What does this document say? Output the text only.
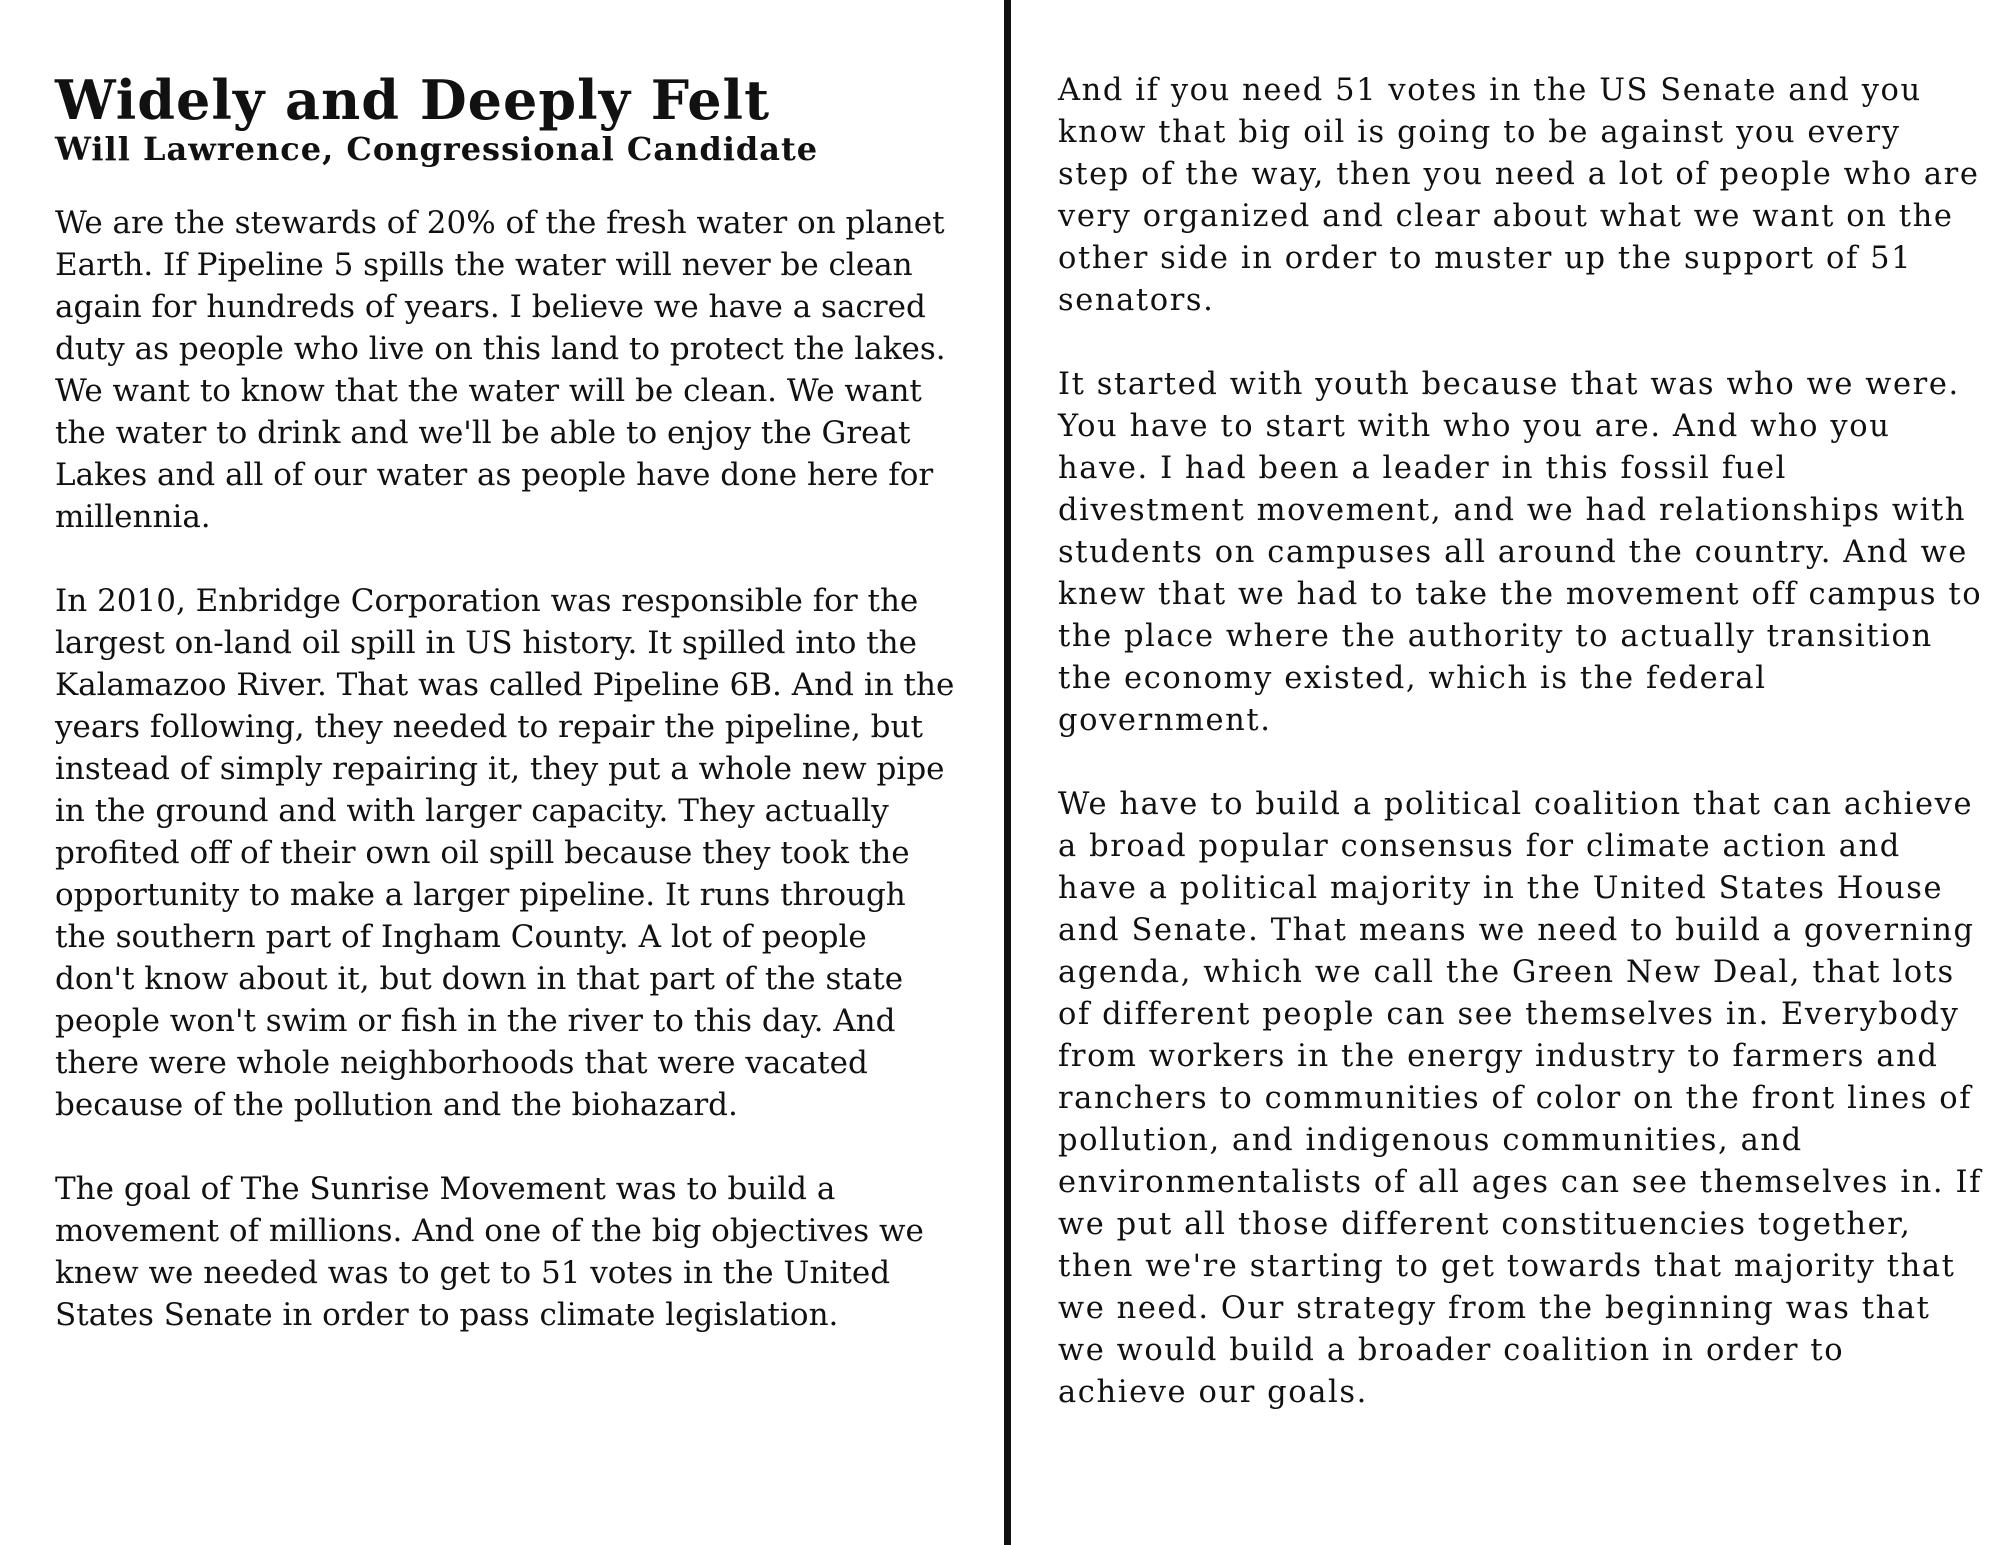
Widely and Deeply Felt
Will Lawrence, Congressional Candidate

We are the stewards of 20% of the fresh water on planet Earth. If Pipeline 5 spills the water will never be clean again for hundreds of years. I believe we have a sacred duty as people who live on this land to protect the lakes. We want to know that the water will be clean. We want the water to drink and we'll be able to enjoy the Great Lakes and all of our water as people have done here for millennia.

In 2010, Enbridge Corporation was responsible for the largest on-land oil spill in US history. It spilled into the Kalamazoo River. That was called Pipeline 6B. And in the years following, they needed to repair the pipeline, but instead of simply repairing it, they put a whole new pipe in the ground and with larger capacity. They actually profited off of their own oil spill because they took the opportunity to make a larger pipeline. It runs through the southern part of Ingham County. A lot of people don't know about it, but down in that part of the state people won't swim or fish in the river to this day. And there were whole neighborhoods that were vacated because of the pollution and the biohazard.

The goal of The Sunrise Movement was to build a movement of millions. And one of the big objectives we knew we needed was to get to 51 votes in the United States Senate in order to pass climate legislation.

And if you need 51 votes in the US Senate and you know that big oil is going to be against you every step of the way, then you need a lot of people who are very organized and clear about what we want on the other side in order to muster up the support of 51 senators.

It started with youth because that was who we were. You have to start with who you are. And who you have. I had been a leader in this fossil fuel divestment movement, and we had relationships with students on campuses all around the country. And we knew that we had to take the movement off campus to the place where the authority to actually transition the economy existed, which is the federal government.

We have to build a political coalition that can achieve a broad popular consensus for climate action and have a political majority in the United States House and Senate. That means we need to build a governing agenda, which we call the Green New Deal, that lots of different people can see themselves in. Everybody from workers in the energy industry to farmers and ranchers to communities of color on the front lines of pollution, and indigenous communities, and environmentalists of all ages can see themselves in. If we put all those different constituencies together, then we're starting to get towards that majority that we need. Our strategy from the beginning was that we would build a broader coalition in order to achieve our goals.
